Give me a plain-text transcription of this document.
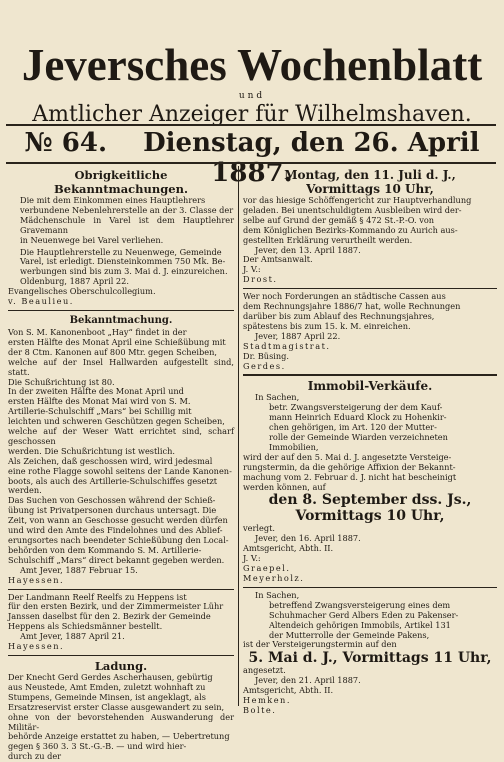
Jeversches Wochenblatt
und
Amtlicher Anzeiger für Wilhelmshaven.
№ 64. Dienstag, den 26. April 1887.
Obrigkeitliche Bekanntmachungen.

Die mit dem Einkommen eines Hauptlehrers
verbundene Nebenlehrerstelle an der 3. Classe der
Mädchenschule in Varel ist dem Hauptlehrer Gravemann
in Neuenwege bei Varel verliehen.

Die Hauptlehrerstelle zu Neuenwege, Gemeinde
Varel, ist erledigt. Diensteinkommen 750 Mk. Be-
werbungen sind bis zum 3. Mai d. J. einzureichen.

Oldenburg, 1887 April 22.

Evangelisches Oberschulcollegium.

v. Beaulieu.

Bekanntmachung.

Von S. M. Kanonenboot „Hay“ findet in der
ersten Hälfte des Monat April eine Schießübung mit
der 8 Ctm. Kanonen auf 800 Mtr. gegen Scheiben,
welche auf der Insel Hallwarden aufgestellt sind, statt.
Die Schußrichtung ist 80.

In der zweiten Hälfte des Monat April und
ersten Hälfte des Monat Mai wird von S. M.
Artillerie-Schulschiff „Mars“ bei Schillig mit
leichten und schweren Geschützen gegen Scheiben,
welche auf der Weser Watt errichtet sind, scharf geschossen
werden. Die Schußrichtung ist westlich.

Als Zeichen, daß geschossen wird, wird jedesmal
eine rothe Flagge sowohl seitens der Lande Kanonen-
boots, als auch des Artillerie-Schulschiffes gesetzt
werden.

Das Suchen von Geschossen während der Schieß-
übung ist Privatpersonen durchaus untersagt. Die
Zeit, von wann an Geschosse gesucht werden dürfen
und wird den Amte des Findelohnes und des Ablief-
erungsortes nach beendeter Schießübung den Local-
behörden von dem Kommando S. M. Artillerie-
Schulschiff „Mars“ direct bekannt gegeben werden.

Amt Jever, 1887 Februar 15.

Hayessen.

Der Landmann Reelf Reelfs zu Heppens ist
für den ersten Bezirk, und der Zimmermeister Lühr
Janssen daselbst für den 2. Bezirk der Gemeinde
Heppens als Schiedsmänner bestellt.

Amt Jever, 1887 April 21.

Hayessen.

Ladung.

Der Knecht Gerd Gerdes Ascherhausen, gebürtig
aus Neustede, Amt Emden, zuletzt wohnhaft zu
Stumpens, Gemeinde Minsen, ist angeklagt, als
Ersatzreservist erster Classe ausgewandert zu sein,
ohne von der bevorstehenden Auswanderung der Militär-
behörde Anzeige erstattet zu haben, — Uebertretung
gegen § 360 3. 3 St.-G.-B. — und wird hier-
durch zu der

Montag, den 11. Juli d. J.,
Vormittags 10 Uhr,

vor das hiesige Schöffengericht zur Hauptverhandlung
geladen. Bei unentschuldigtem Ausbleiben wird der-
selbe auf Grund der gemäß § 472 St.-P.-O. von
dem Königlichen Bezirks-Kommando zu Aurich aus-
gestellten Erklärung verurtheilt werden.

Jever, den 13. April 1887.

Der Amtsanwalt.

J. V.:

Drost.

Wer noch Forderungen an städtische Cassen aus
dem Rechnungsjahre 1886/7 hat, wolle Rechnungen
darüber bis zum Ablauf des Rechnungsjahres,
spätestens bis zum 15. k. M. einreichen.

Jever, 1887 April 22.

Stadtmagistrat.

Dr. Büsing.

Gerdes.

Immobil-Verkäufe.

In Sachen,

betr. Zwangsversteigerung der dem Kauf-
mann Heinrich Eduard Klock zu Hohenkir-
chen gehörigen, im Art. 120 der Mutter-
rolle der Gemeinde Wiarden verzeichneten
Immobilien,

wird der auf den 5. Mai d. J. angesetzte Versteige-
rungstermin, da die gehörige Affixion der Bekannt-
machung vom 2. Februar d. J. nicht hat bescheinigt
werden können, auf

den 8. September dss. Js.,
Vormittags 10 Uhr,

verlegt.

Jever, den 16. April 1887.

Amtsgericht, Abth. II.

J. V.:

Graepel.

Meyerholz.

In Sachen,

betreffend Zwangsversteigerung eines dem
Schuhmacher Gerd Albers Eden zu Pakenser-
Altendeich gehörigen Immobils, Artikel 131
der Mutterrolle der Gemeinde Pakens,

ist der Versteigerungstermin auf den

5. Mai d. J., Vormittags 11 Uhr,

angesetzt.

Jever, den 21. April 1887.

Amtsgericht, Abth. II.

Hemken.

Bolte.
